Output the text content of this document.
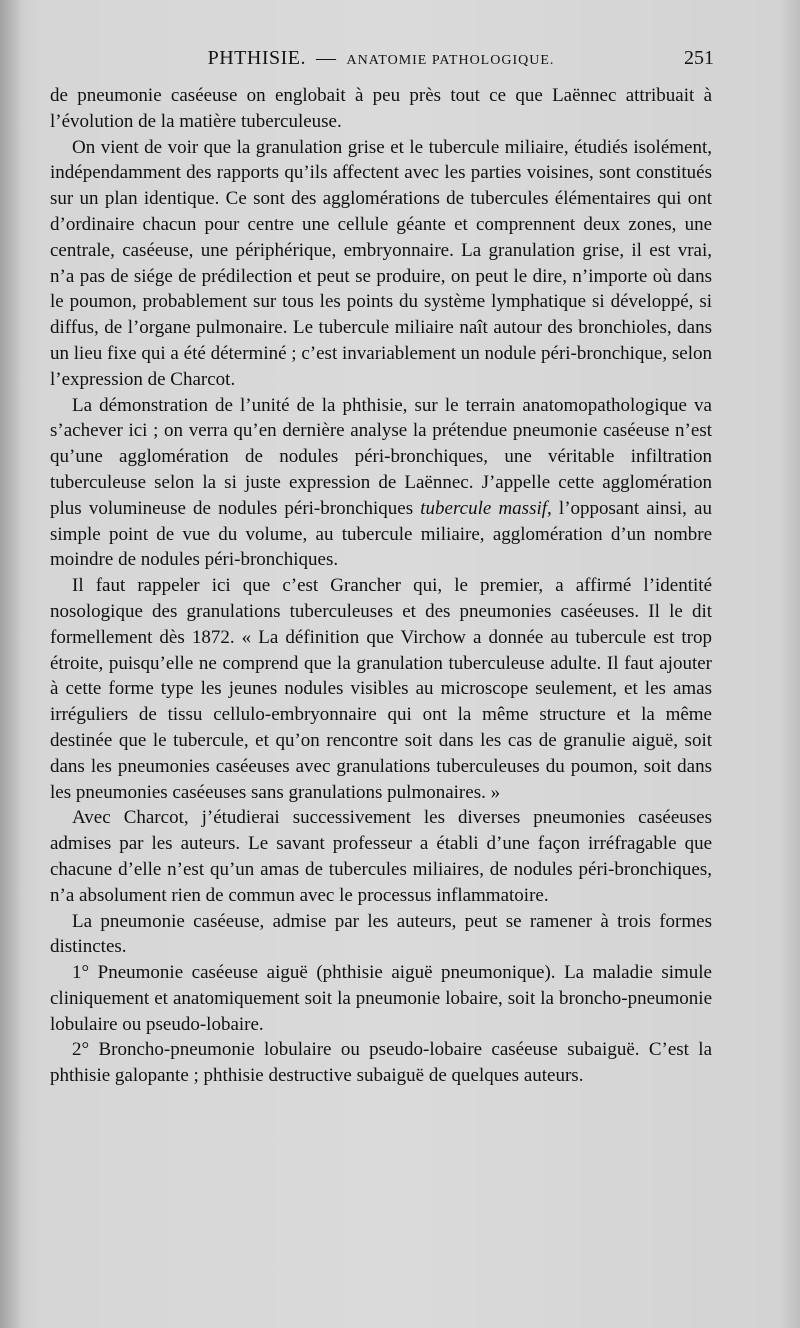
PHTHISIE. — ANATOMIE PATHOLOGIQUE.	251

de pneumonie caséeuse on englobait à peu près tout ce que Laënnec attribuait à l’évolution de la matière tuberculeuse.

On vient de voir que la granulation grise et le tubercule miliaire, étudiés isolément, indépendamment des rapports qu’ils affectent avec les parties voisines, sont constitués sur un plan identique. Ce sont des agglomérations de tubercules élémentaires qui ont d’ordinaire chacun pour centre une cellule géante et comprennent deux zones, une centrale, caséeuse, une périphérique, embryonnaire. La granulation grise, il est vrai, n’a pas de siége de prédilection et peut se produire, on peut le dire, n’importe où dans le poumon, probablement sur tous les points du système lymphatique si développé, si diffus, de l’organe pulmonaire. Le tubercule miliaire naît autour des bronchioles, dans un lieu fixe qui a été déterminé ; c’est invariablement un nodule péri-bronchique, selon l’expression de Charcot.

La démonstration de l’unité de la phthisie, sur le terrain anatomopathologique va s’achever ici ; on verra qu’en dernière analyse la prétendue pneumonie caséeuse n’est qu’une agglomération de nodules péri-bronchiques, une véritable infiltration tuberculeuse selon la si juste expression de Laënnec. J’appelle cette agglomération plus volumineuse de nodules péri-bronchiques tubercule massif, l’opposant ainsi, au simple point de vue du volume, au tubercule miliaire, agglomération d’un nombre moindre de nodules péri-bronchiques.

Il faut rappeler ici que c’est Grancher qui, le premier, a affirmé l’identité nosologique des granulations tuberculeuses et des pneumonies caséeuses. Il le dit formellement dès 1872. « La définition que Virchow a donnée au tubercule est trop étroite, puisqu’elle ne comprend que la granulation tuberculeuse adulte. Il faut ajouter à cette forme type les jeunes nodules visibles au microscope seulement, et les amas irréguliers de tissu cellulo-embryonnaire qui ont la même structure et la même destinée que le tubercule, et qu’on rencontre soit dans les cas de granulie aiguë, soit dans les pneumonies caséeuses avec granulations tuberculeuses du poumon, soit dans les pneumonies caséeuses sans granulations pulmonaires. »

Avec Charcot, j’étudierai successivement les diverses pneumonies caséeuses admises par les auteurs. Le savant professeur a établi d’une façon irréfragable que chacune d’elle n’est qu’un amas de tubercules miliaires, de nodules péri-bronchiques, n’a absolument rien de commun avec le processus inflammatoire.

La pneumonie caséeuse, admise par les auteurs, peut se ramener à trois formes distinctes.

1° Pneumonie caséeuse aiguë (phthisie aiguë pneumonique). La maladie simule cliniquement et anatomiquement soit la pneumonie lobaire, soit la broncho-pneumonie lobulaire ou pseudo-lobaire.

2° Broncho-pneumonie lobulaire ou pseudo-lobaire caséeuse subaiguë. C’est la phthisie galopante ; phthisie destructive subaiguë de quelques auteurs.
